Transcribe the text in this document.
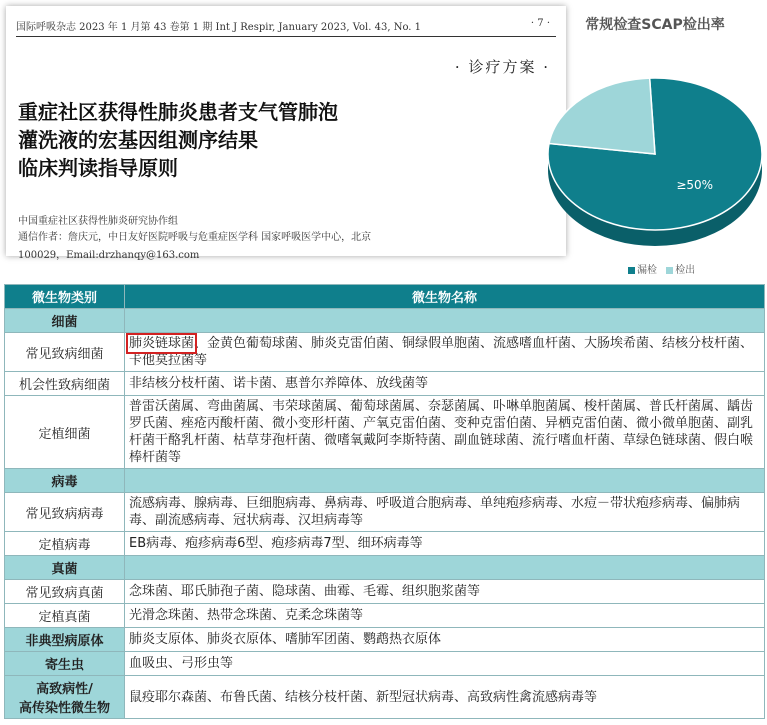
国际呼吸杂志 2023 年 1 月第 43 卷第 1 期 Int J Respir, January 2023, Vol. 43, No. 1	· 7 ·
· 诊疗方案 ·
重症社区获得性肺炎患者支气管肺泡
灌洗液的宏基因组测序结果
临床判读指导原则
中国重症社区获得性肺炎研究协作组
通信作者：詹庆元，中日友好医院呼吸与危重症医学科 国家呼吸医学中心，北京
100029，Email:drzhanqy@163.com
常规检查SCAP检出率
≥50%
漏检 检出
微生物类别	微生物名称
细菌	
常见致病细菌	肺炎链球菌、金黄色葡萄球菌、肺炎克雷伯菌、铜绿假单胞菌、流感嗜血杆菌、大肠埃希菌、结核分枝杆菌、卡他莫拉菌等
机会性致病细菌	非结核分枝杆菌、诺卡菌、惠普尔养障体、放线菌等
定植细菌	普雷沃菌属、弯曲菌属、韦荣球菌属、葡萄球菌属、奈瑟菌属、卟啉单胞菌属、梭杆菌属、普氏杆菌属、龋齿罗氏菌、痤疮丙酸杆菌、微小变形杆菌、产氧克雷伯菌、变种克雷伯菌、异栖克雷伯菌、微小微单胞菌、副乳杆菌干酪乳杆菌、枯草芽孢杆菌、微嗜氧戴阿李斯特菌、副血链球菌、流行嗜血杆菌、草绿色链球菌、假白喉棒杆菌等
病毒	
常见致病病毒	流感病毒、腺病毒、巨细胞病毒、鼻病毒、呼吸道合胞病毒、单纯疱疹病毒、水痘－带状疱疹病毒、偏肺病毒、副流感病毒、冠状病毒、汉坦病毒等
定植病毒	EB病毒、疱疹病毒6型、疱疹病毒7型、细环病毒等
真菌	
常见致病真菌	念珠菌、耶氏肺孢子菌、隐球菌、曲霉、毛霉、组织胞浆菌等
定植真菌	光滑念珠菌、热带念珠菌、克柔念珠菌等
非典型病原体	肺炎支原体、肺炎衣原体、嗜肺军团菌、鹦鹉热衣原体
寄生虫	血吸虫、弓形虫等
高致病性/
高传染性微生物	鼠疫耶尔森菌、布鲁氏菌、结核分枝杆菌、新型冠状病毒、高致病性禽流感病毒等
